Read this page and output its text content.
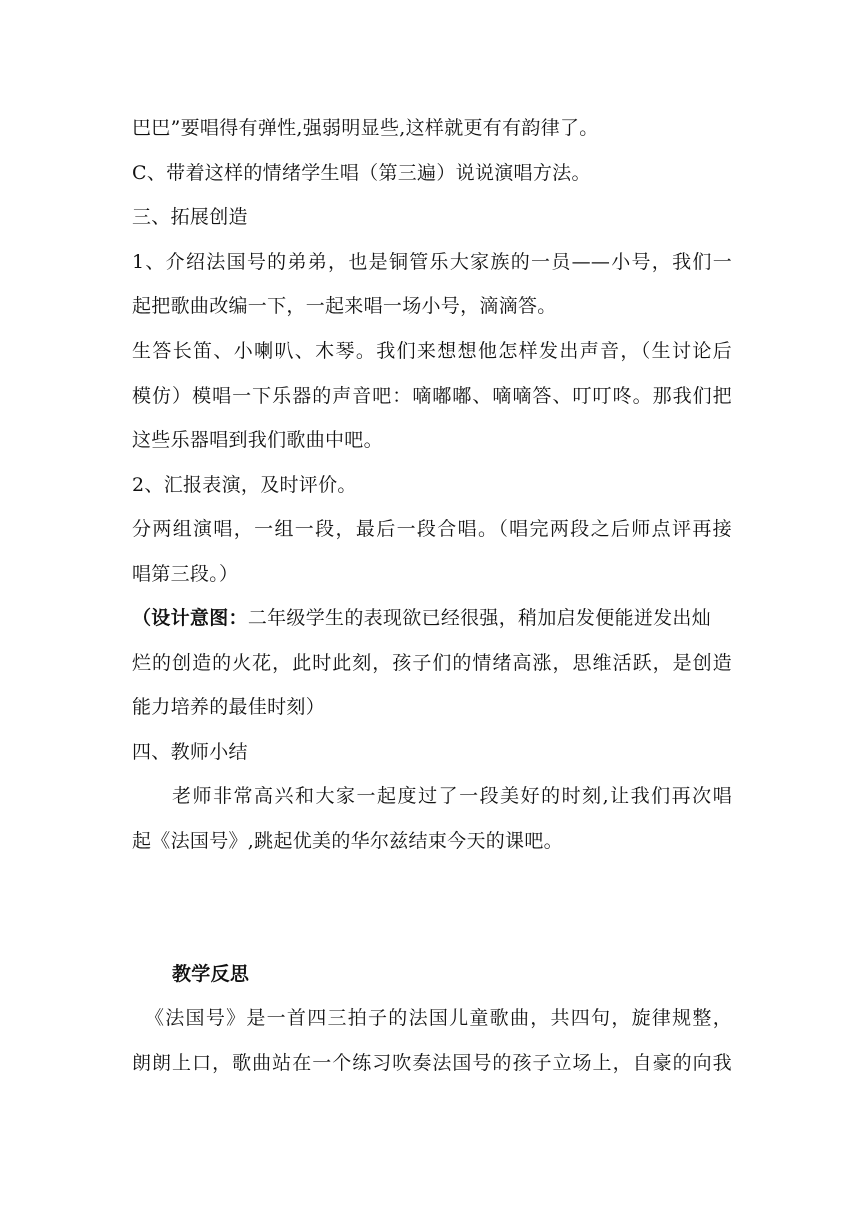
巴巴”要唱得有弹性,强弱明显些,这样就更有有韵律了。
C、带着这样的情绪学生唱（第三遍）说说演唱方法。
三、拓展创造
1、介绍法国号的弟弟，也是铜管乐大家族的一员——小号，我们一
起把歌曲改编一下，一起来唱一场小号，滴滴答。
生答长笛、小喇叭、木琴。我们来想想他怎样发出声音，（生讨论后
模仿）模唱一下乐器的声音吧：嘀嘟嘟、嘀嘀答、叮叮咚。那我们把
这些乐器唱到我们歌曲中吧。
2、汇报表演，及时评价。
分两组演唱，一组一段，最后一段合唱。（唱完两段之后师点评再接
唱第三段。）
（设计意图：二年级学生的表现欲已经很强，稍加启发便能迸发出灿
烂的创造的火花，此时此刻，孩子们的情绪高涨，思维活跃，是创造
能力培养的最佳时刻）
四、教师小结
老师非常高兴和大家一起度过了一段美好的时刻,让我们再次唱
起《法国号》,跳起优美的华尔兹结束今天的课吧。
教学反思
《法国号》是一首四三拍子的法国儿童歌曲，共四句，旋律规整，
朗朗上口，歌曲站在一个练习吹奏法国号的孩子立场上，自豪的向我
